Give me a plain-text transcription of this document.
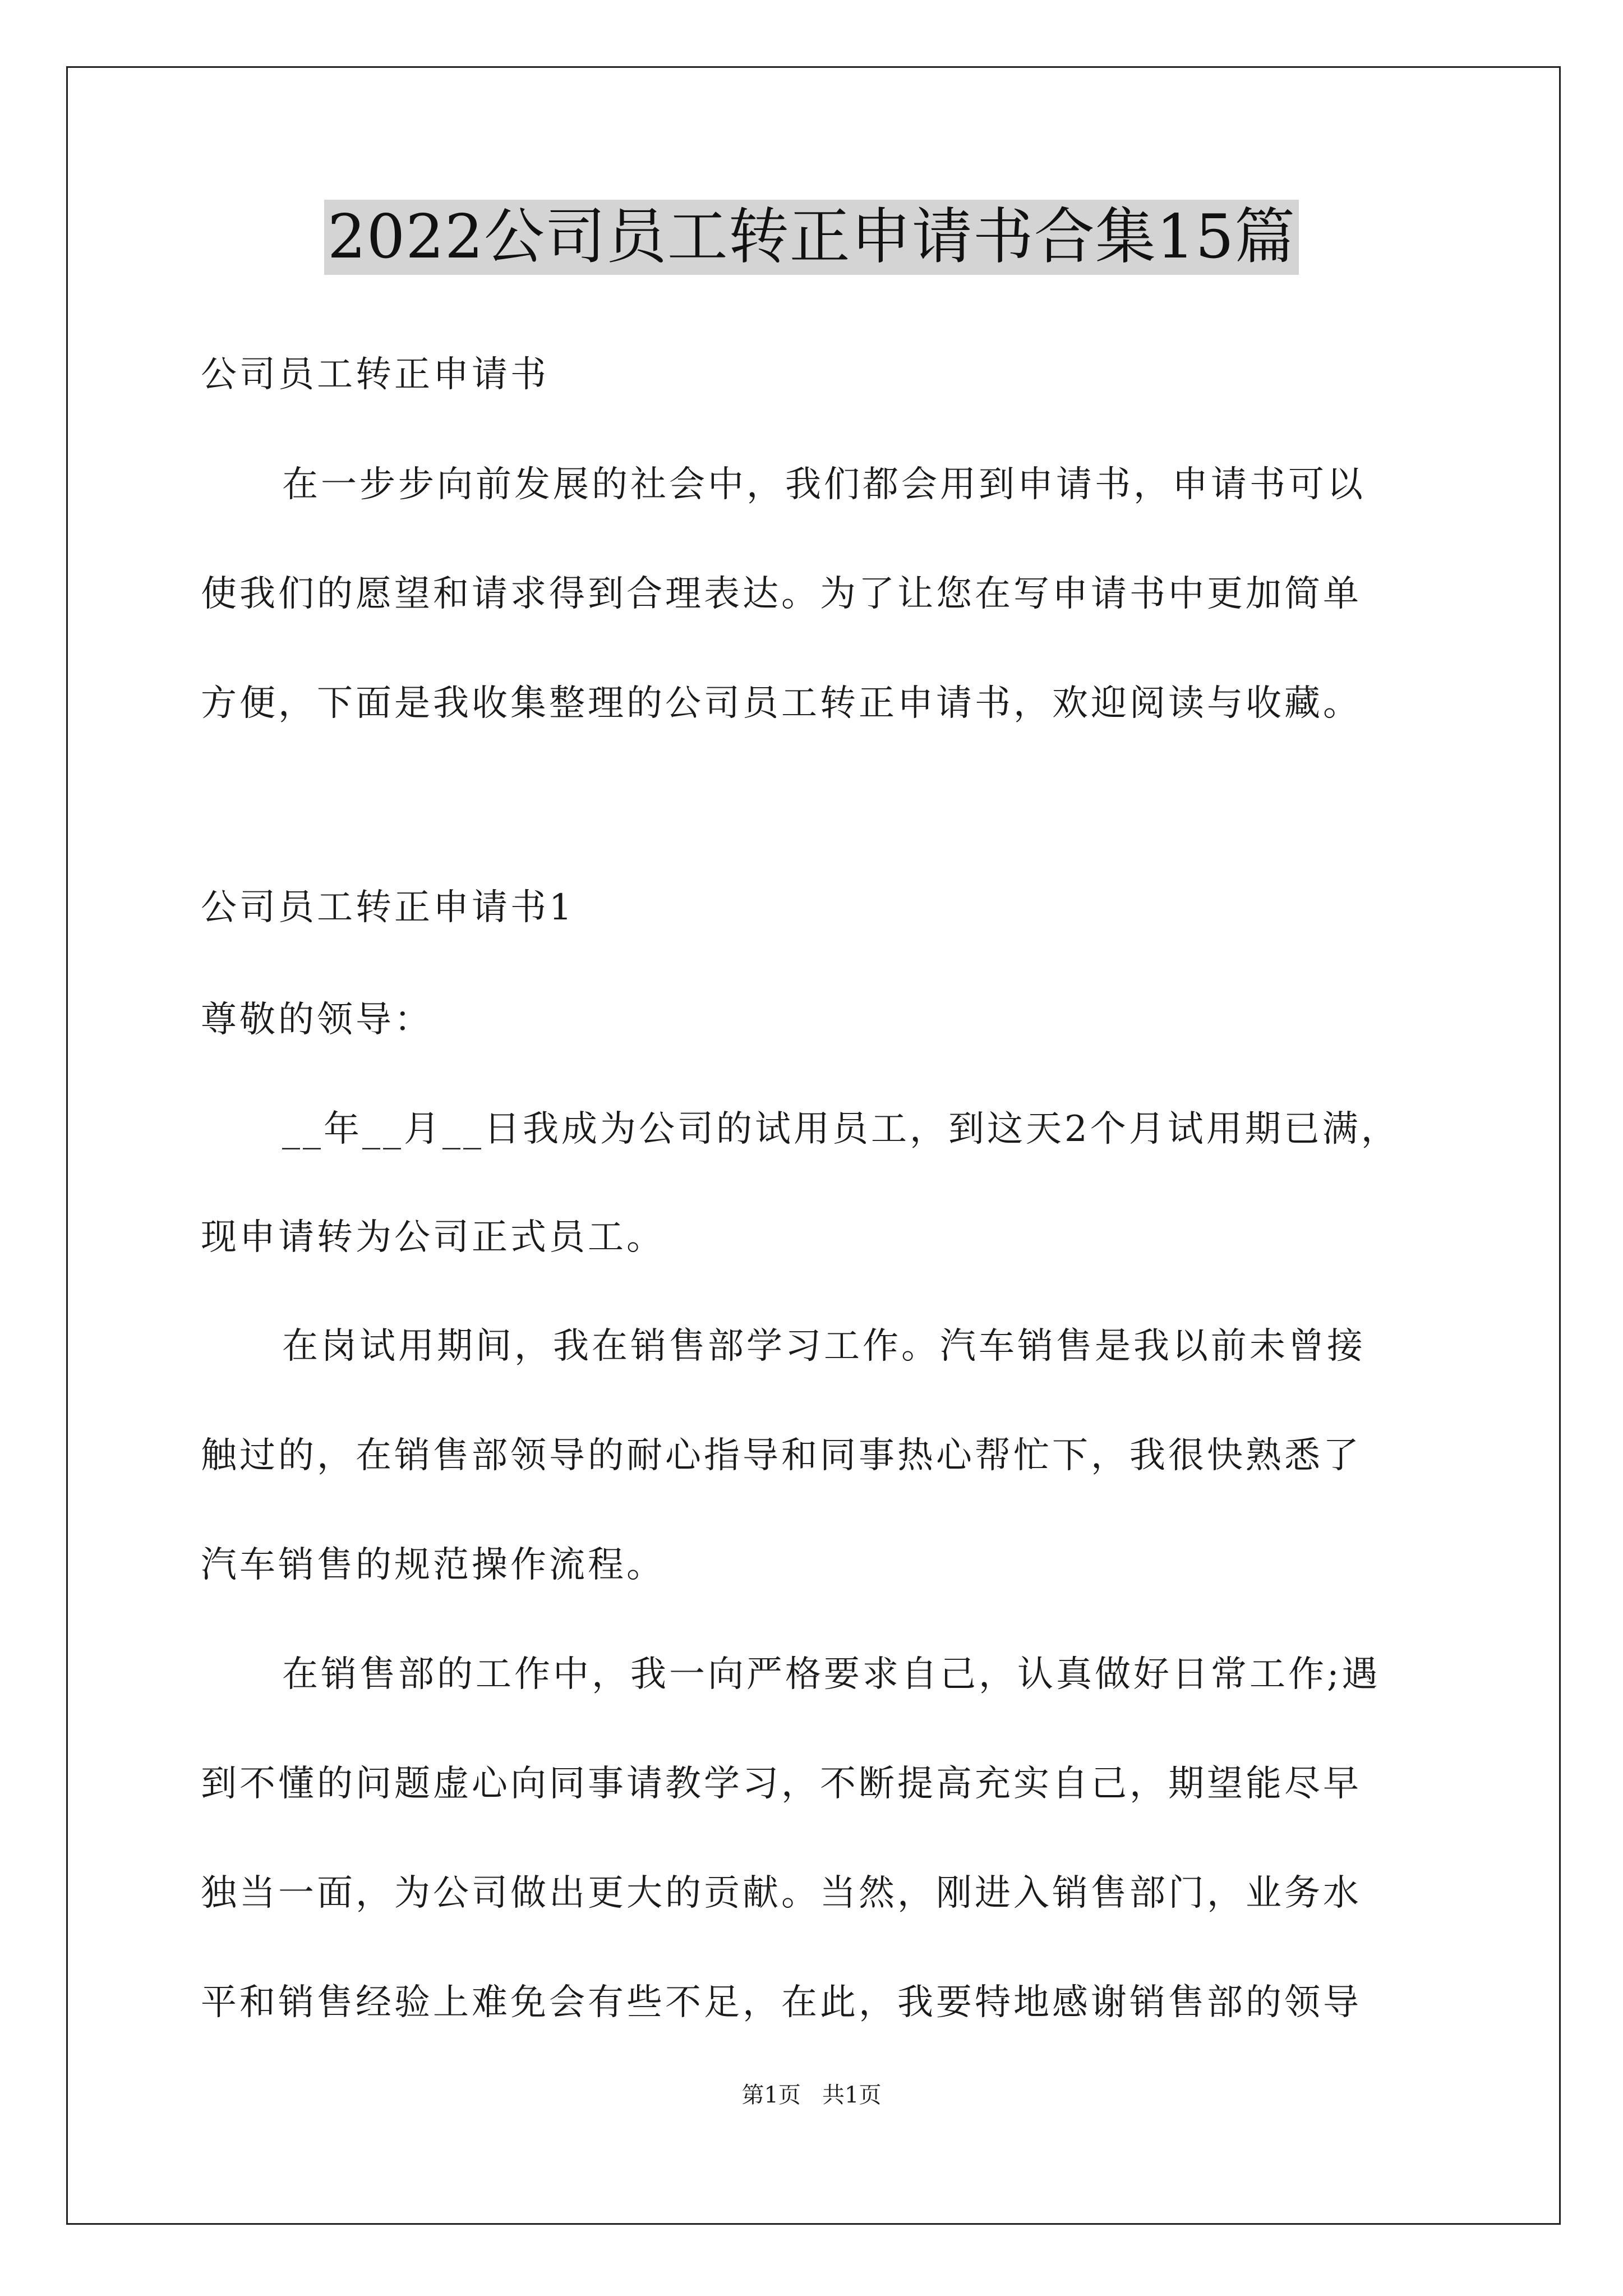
2022公司员工转正申请书合集15篇
公司员工转正申请书
在一步步向前发展的社会中，我们都会用到申请书，申请书可以
使我们的愿望和请求得到合理表达。为了让您在写申请书中更加简单
方便，下面是我收集整理的公司员工转正申请书，欢迎阅读与收藏。
公司员工转正申请书1
尊敬的领导：
__年__月__日我成为公司的试用员工，到这天2个月试用期已满，
现申请转为公司正式员工。
在岗试用期间，我在销售部学习工作。汽车销售是我以前未曾接
触过的，在销售部领导的耐心指导和同事热心帮忙下，我很快熟悉了
汽车销售的规范操作流程。
在销售部的工作中，我一向严格要求自己，认真做好日常工作;遇
到不懂的问题虚心向同事请教学习，不断提高充实自己，期望能尽早
独当一面，为公司做出更大的贡献。当然，刚进入销售部门，业务水
平和销售经验上难免会有些不足，在此，我要特地感谢销售部的领导
第1页   共1页
